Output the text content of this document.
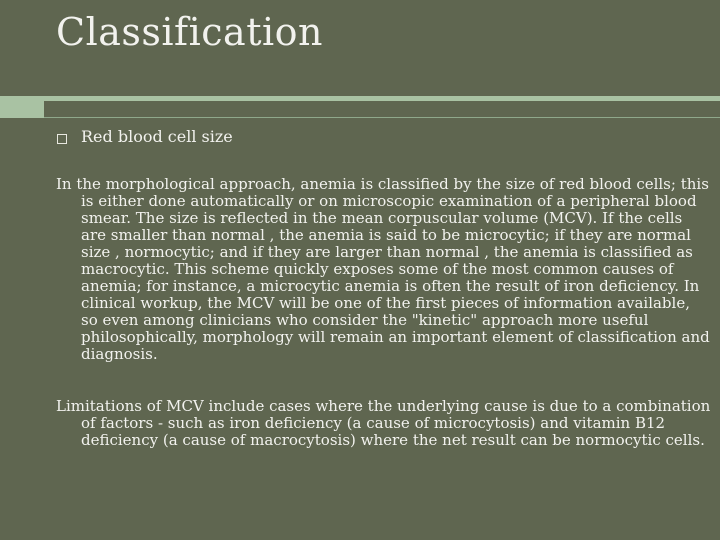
Classification
Red blood cell size

In the morphological approach, anemia is classified by the size of red blood cells; this is either done automatically or on microscopic examination of a peripheral blood smear. The size is reflected in the mean corpuscular volume (MCV). If the cells are smaller than normal , the anemia is said to be microcytic; if they are normal size , normocytic; and if they are larger than normal , the anemia is classified as macrocytic. This scheme quickly exposes some of the most common causes of anemia; for instance, a microcytic anemia is often the result of iron deficiency. In clinical workup, the MCV will be one of the first pieces of information available, so even among clinicians who consider the "kinetic" approach more useful philosophically, morphology will remain an important element of classification and diagnosis.

Limitations of MCV include cases where the underlying cause is due to a combination of factors - such as iron deficiency (a cause of microcytosis) and vitamin B12 deficiency (a cause of macrocytosis) where the net result can be normocytic cells.
